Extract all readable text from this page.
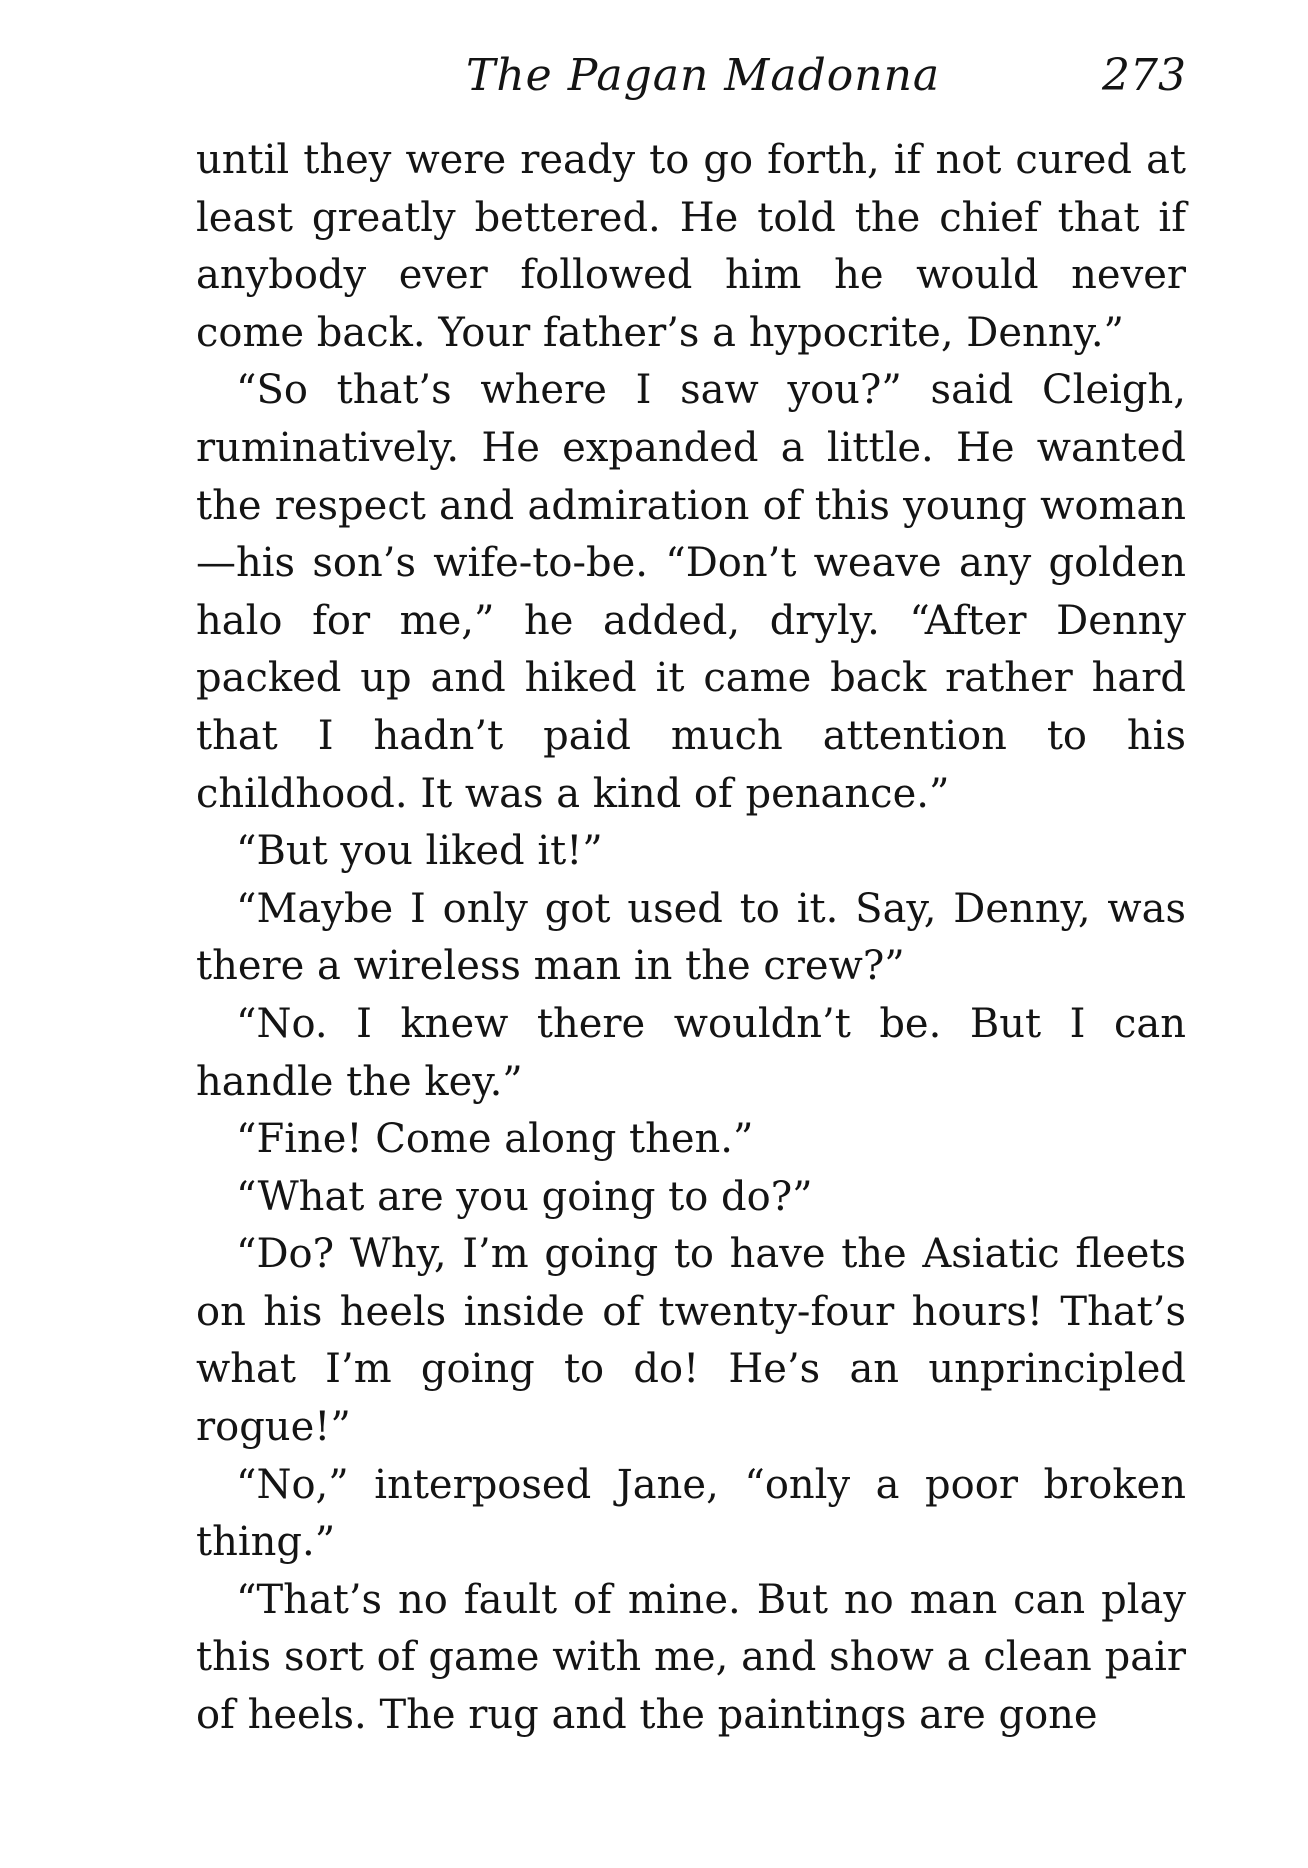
The Pagan Madonna	273

until they were ready to go forth, if not cured at least greatly bettered. He told the chief that if anybody ever followed him he would never come back. Your father’s a hypocrite, Denny.”

“So that’s where I saw you?” said Cleigh, ruminatively. He expanded a little. He wanted the respect and admiration of this young woman—his son’s wife-to-be. “Don’t weave any golden halo for me,” he added, dryly. “After Denny packed up and hiked it came back rather hard that I hadn’t paid much attention to his childhood. It was a kind of penance.”

“But you liked it!”

“Maybe I only got used to it. Say, Denny, was there a wireless man in the crew?”

“No. I knew there wouldn’t be. But I can handle the key.”

“Fine! Come along then.”

“What are you going to do?”

“Do? Why, I’m going to have the Asiatic fleets on his heels inside of twenty-four hours! That’s what I’m going to do! He’s an unprincipled rogue!”

“No,” interposed Jane, “only a poor broken thing.”

“That’s no fault of mine. But no man can play this sort of game with me, and show a clean pair of heels. The rug and the paintings are gone
